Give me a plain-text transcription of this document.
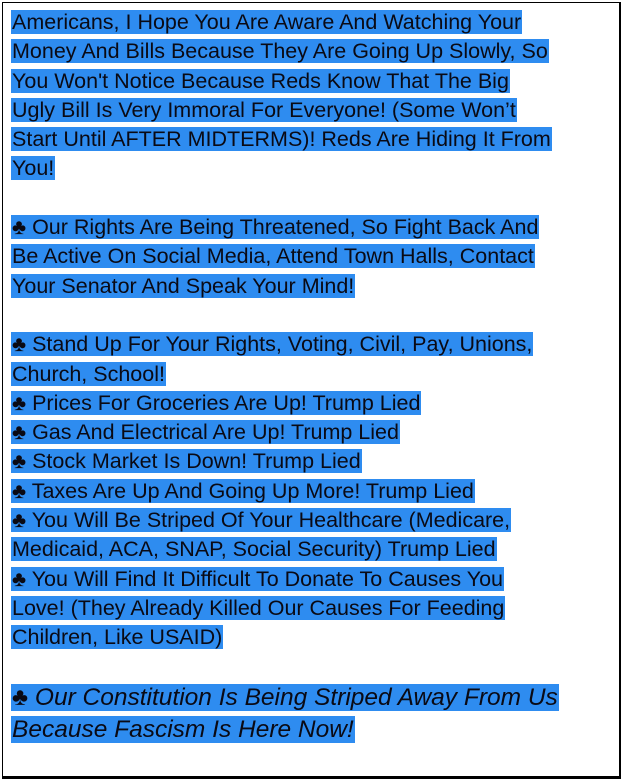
Americans, I Hope You Are Aware And Watching Your
Money And Bills Because They Are Going Up Slowly, So
You Won't Notice Because Reds Know That The Big
Ugly Bill Is Very Immoral For Everyone! (Some Won’t
Start Until AFTER MIDTERMS)! Reds Are Hiding It From
You!
♣ Our Rights Are Being Threatened, So Fight Back And
Be Active On Social Media, Attend Town Halls, Contact
Your Senator And Speak Your Mind!
♣ Stand Up For Your Rights, Voting, Civil, Pay, Unions,
Church, School!
♣ Prices For Groceries Are Up! Trump Lied
♣ Gas And Electrical Are Up! Trump Lied
♣ Stock Market Is Down! Trump Lied
♣ Taxes Are Up And Going Up More! Trump Lied
♣ You Will Be Striped Of Your Healthcare (Medicare,
Medicaid, ACA, SNAP, Social Security) Trump Lied
♣ You Will Find It Difficult To Donate To Causes You
Love! (They Already Killed Our Causes For Feeding
Children, Like USAID)
♣ Our Constitution Is Being Striped Away From Us
Because Fascism Is Here Now!
